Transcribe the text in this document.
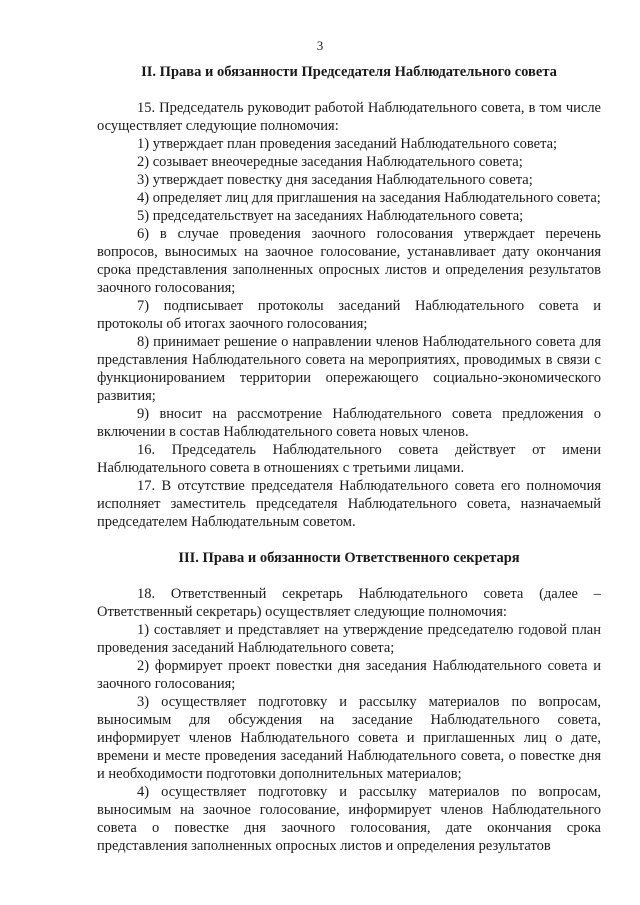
3
II. Права и обязанности Председателя Наблюдательного совета

15. Председатель руководит работой Наблюдательного совета, в том числе осуществляет следующие полномочия:

1) утверждает план проведения заседаний Наблюдательного совета;

2) созывает внеочередные заседания Наблюдательного совета;

3) утверждает повестку дня заседания Наблюдательного совета;

4) определяет лиц для приглашения на заседания Наблюдательного совета;

5) председательствует на заседаниях Наблюдательного совета;

6) в случае проведения заочного голосования утверждает перечень вопросов, выносимых на заочное голосование, устанавливает дату окончания срока представления заполненных опросных листов и определения результатов заочного голосования;

7) подписывает протоколы заседаний Наблюдательного совета и протоколы об итогах заочного голосования;

8) принимает решение о направлении членов Наблюдательного совета для представления Наблюдательного совета на мероприятиях, проводимых в связи с функционированием территории опережающего социально-экономического развития;

9) вносит на рассмотрение Наблюдательного совета предложения о включении в состав Наблюдательного совета новых членов.

16. Председатель Наблюдательного совета действует от имени Наблюдательного совета в отношениях с третьими лицами.

17. В отсутствие председателя Наблюдательного совета его полномочия исполняет заместитель председателя Наблюдательного совета, назначаемый председателем Наблюдательным советом.

III. Права и обязанности Ответственного секретаря

18. Ответственный секретарь Наблюдательного совета (далее – Ответственный секретарь) осуществляет следующие полномочия:

1) составляет и представляет на утверждение председателю годовой план проведения заседаний Наблюдательного совета;

2) формирует проект повестки дня заседания Наблюдательного совета и заочного голосования;

3) осуществляет подготовку и рассылку материалов по вопросам, выносимым для обсуждения на заседание Наблюдательного совета, информирует членов Наблюдательного совета и приглашенных лиц о дате, времени и месте проведения заседаний Наблюдательного совета, о повестке дня и необходимости подготовки дополнительных материалов;

4) осуществляет подготовку и рассылку материалов по вопросам, выносимым на заочное голосование, информирует членов Наблюдательного совета о повестке дня заочного голосования, дате окончания срока представления заполненных опросных листов и определения результатов
